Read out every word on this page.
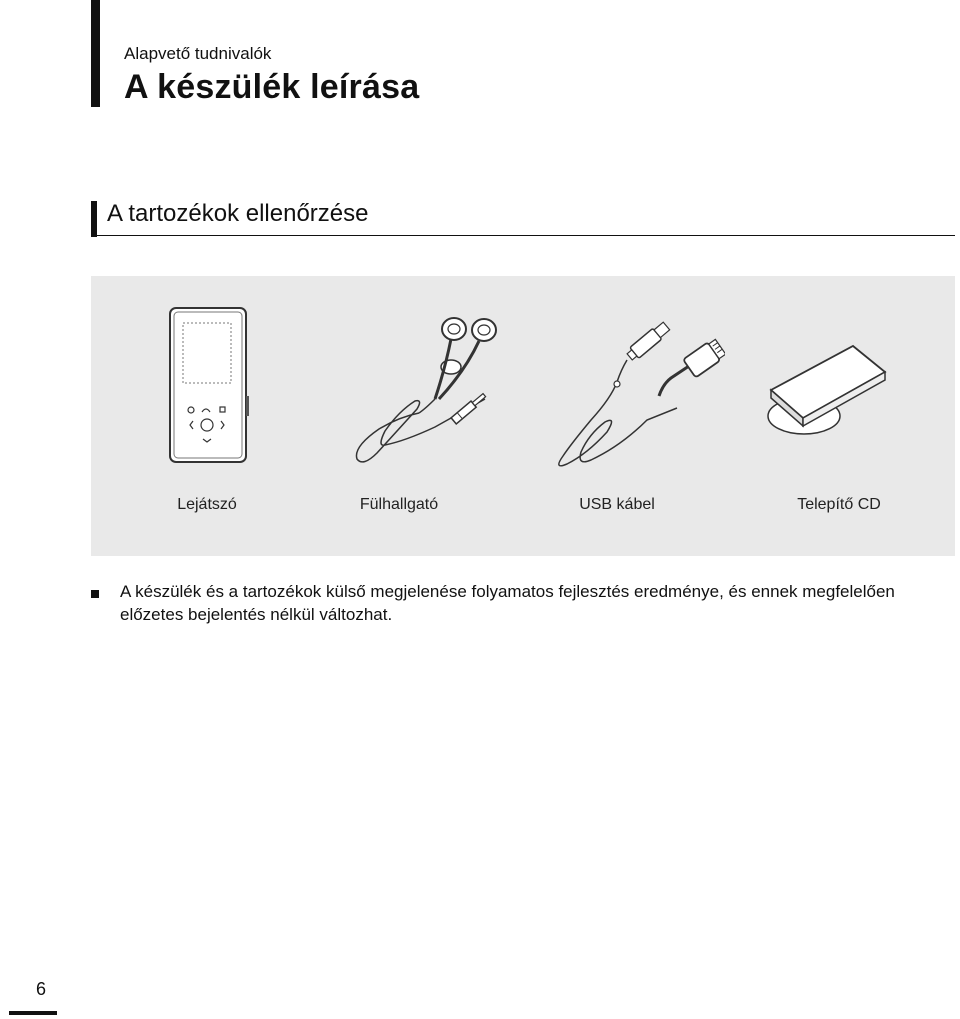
Alapvető tudnivalók
A készülék leírása
A tartozékok ellenőrzése
Lejátszó	Fülhallgató	USB kábel	Telepítő CD
A készülék és a tartozékok külső megjelenése folyamatos fejlesztés eredménye, és ennek megfelelően előzetes bejelentés nélkül változhat.
6
